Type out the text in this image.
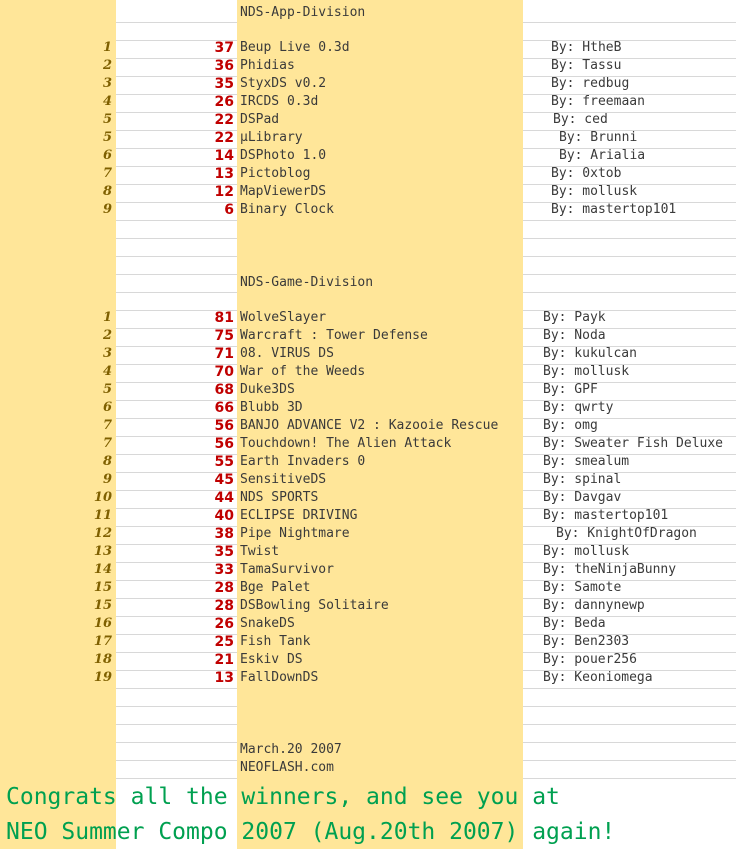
NDS-App-Division
1	37 Beup Live 0.3d	By: HtheB
2	36 Phidias	By: Tassu
3	35 StyxDS v0.2	By: redbug
4	26 IRCDS 0.3d	By: freemaan
5	22 DSPad	By: ced
5	22 µLibrary	By: Brunni
6	14 DSPhoto 1.0	By: Arialia
7	13 Pictoblog	By: 0xtob
8	12 MapViewerDS	By: mollusk
9	6 Binary Clock	By: mastertop101
NDS-Game-Division
1	81 WolveSlayer	By: Payk
2	75 Warcraft : Tower Defense	By: Noda
3	71 08. VIRUS DS	By: kukulcan
4	70 War of the Weeds	By: mollusk
5	68 Duke3DS	By: GPF
6	66 Blubb 3D	By: qwrty
7	56 BANJO ADVANCE V2 : Kazooie Rescue	By: omg
7	56 Touchdown! The Alien Attack	By: Sweater Fish Deluxe
8	55 Earth Invaders 0	By: smealum
9	45 SensitiveDS	By: spinal
10	44 NDS SPORTS	By: Davgav
11	40 ECLIPSE DRIVING	By: mastertop101
12	38 Pipe Nightmare	By: KnightOfDragon
13	35 Twist	By: mollusk
14	33 TamaSurvivor	By: theNinjaBunny
15	28 Bge Palet	By: Samote
15	28 DSBowling Solitaire	By: dannynewp
16	26 SnakeDS	By: Beda
17	25 Fish Tank	By: Ben2303
18	21 Eskiv DS	By: pouer256
19	13 FallDownDS	By: Keoniomega
March.20 2007
NEOFLASH.com
Congrats all the winners, and see you at
NEO Summer Compo 2007 (Aug.20th 2007) again!
